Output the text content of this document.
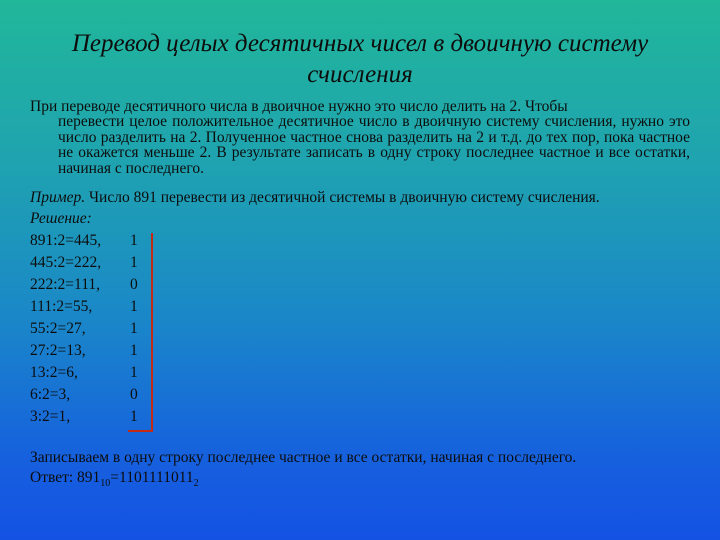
Перевод целых десятичных чисел в двоичную систему счисления
При переводе десятичного числа в двоичное нужно это число делить на 2. Чтобы
перевести целое положительное десятичное число в двоичную систему счисления, нужно это число разделить на 2. Полученное частное снова разделить на 2 и т.д. до тех пор, пока частное не окажется меньше 2. В результате записать в одну строку последнее частное и все остатки, начиная с последнего.
Пример. Число 891 перевести из десятичной системы в двоичную систему счисления.
Решение:
891:2=445, 1
445:2=222, 1
222:2=111, 0
111:2=55, 1
55:2=27,	1
27:2=13,	1
13:2=6,	1
6:2=3,	0
3:2=1,	1
Записываем в одну строку последнее частное и все остатки, начиная с последнего.
Ответ: $891_{10}=1101111011_2$
